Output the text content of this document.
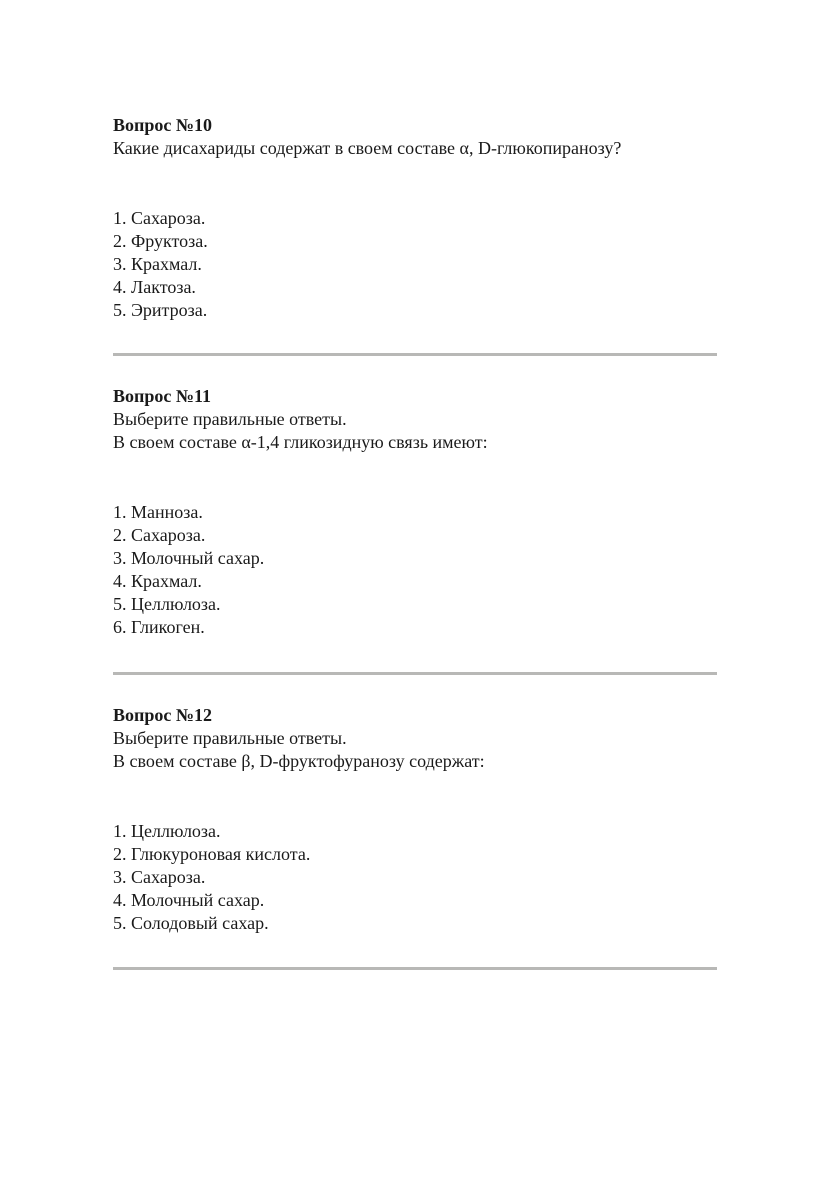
Вопрос №10
Какие дисахариды содержат в своем составе α, D-глюкопиранозу?
1. Сахароза.
2. Фруктоза.
3. Крахмал.
4. Лактоза.
5. Эритроза.
Вопрос №11
Выберите правильные ответы.
В своем составе α-1,4 гликозидную связь имеют:
1. Манноза.
2. Сахароза.
3. Молочный сахар.
4. Крахмал.
5. Целлюлоза.
6. Гликоген.
Вопрос №12
Выберите правильные ответы.
В своем составе β, D-фруктофуранозу содержат:
1. Целлюлоза.
2. Глюкуроновая кислота.
3. Сахароза.
4. Молочный сахар.
5. Солодовый сахар.
